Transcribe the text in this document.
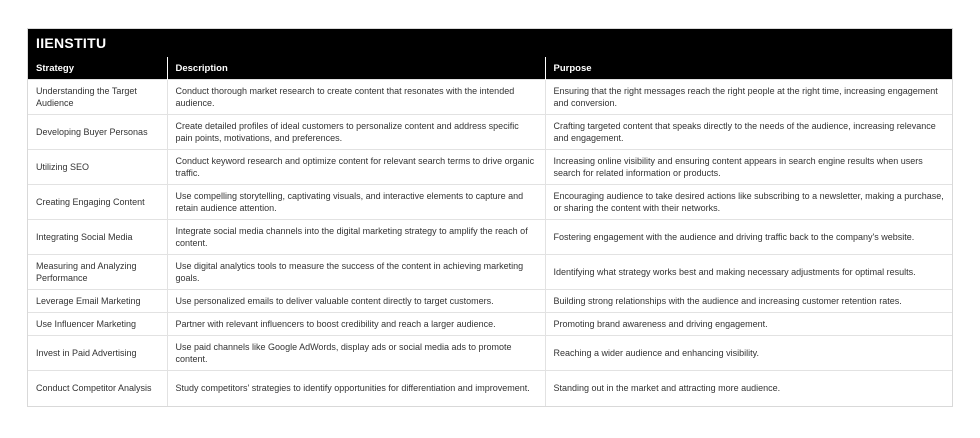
IIENSTITU
Strategy	Description	Purpose
Understanding the Target Audience	Conduct thorough market research to create content that resonates with the intended audience.	Ensuring that the right messages reach the right people at the right time, increasing engagement and conversion.
Developing Buyer Personas	Create detailed profiles of ideal customers to personalize content and address specific pain points, motivations, and preferences.	Crafting targeted content that speaks directly to the needs of the audience, increasing relevance and engagement.
Utilizing SEO	Conduct keyword research and optimize content for relevant search terms to drive organic traffic.	Increasing online visibility and ensuring content appears in search engine results when users search for related information or products.
Creating Engaging Content	Use compelling storytelling, captivating visuals, and interactive elements to capture and retain audience attention.	Encouraging audience to take desired actions like subscribing to a newsletter, making a purchase, or sharing the content with their networks.
Integrating Social Media	Integrate social media channels into the digital marketing strategy to amplify the reach of content.	Fostering engagement with the audience and driving traffic back to the company's website.
Measuring and Analyzing Performance	Use digital analytics tools to measure the success of the content in achieving marketing goals.	Identifying what strategy works best and making necessary adjustments for optimal results.
Leverage Email Marketing	Use personalized emails to deliver valuable content directly to target customers.	Building strong relationships with the audience and increasing customer retention rates.
Use Influencer Marketing	Partner with relevant influencers to boost credibility and reach a larger audience.	Promoting brand awareness and driving engagement.
Invest in Paid Advertising	Use paid channels like Google AdWords, display ads or social media ads to promote content.	Reaching a wider audience and enhancing visibility.
Conduct Competitor Analysis	Study competitors' strategies to identify opportunities for differentiation and improvement.	Standing out in the market and attracting more audience.
